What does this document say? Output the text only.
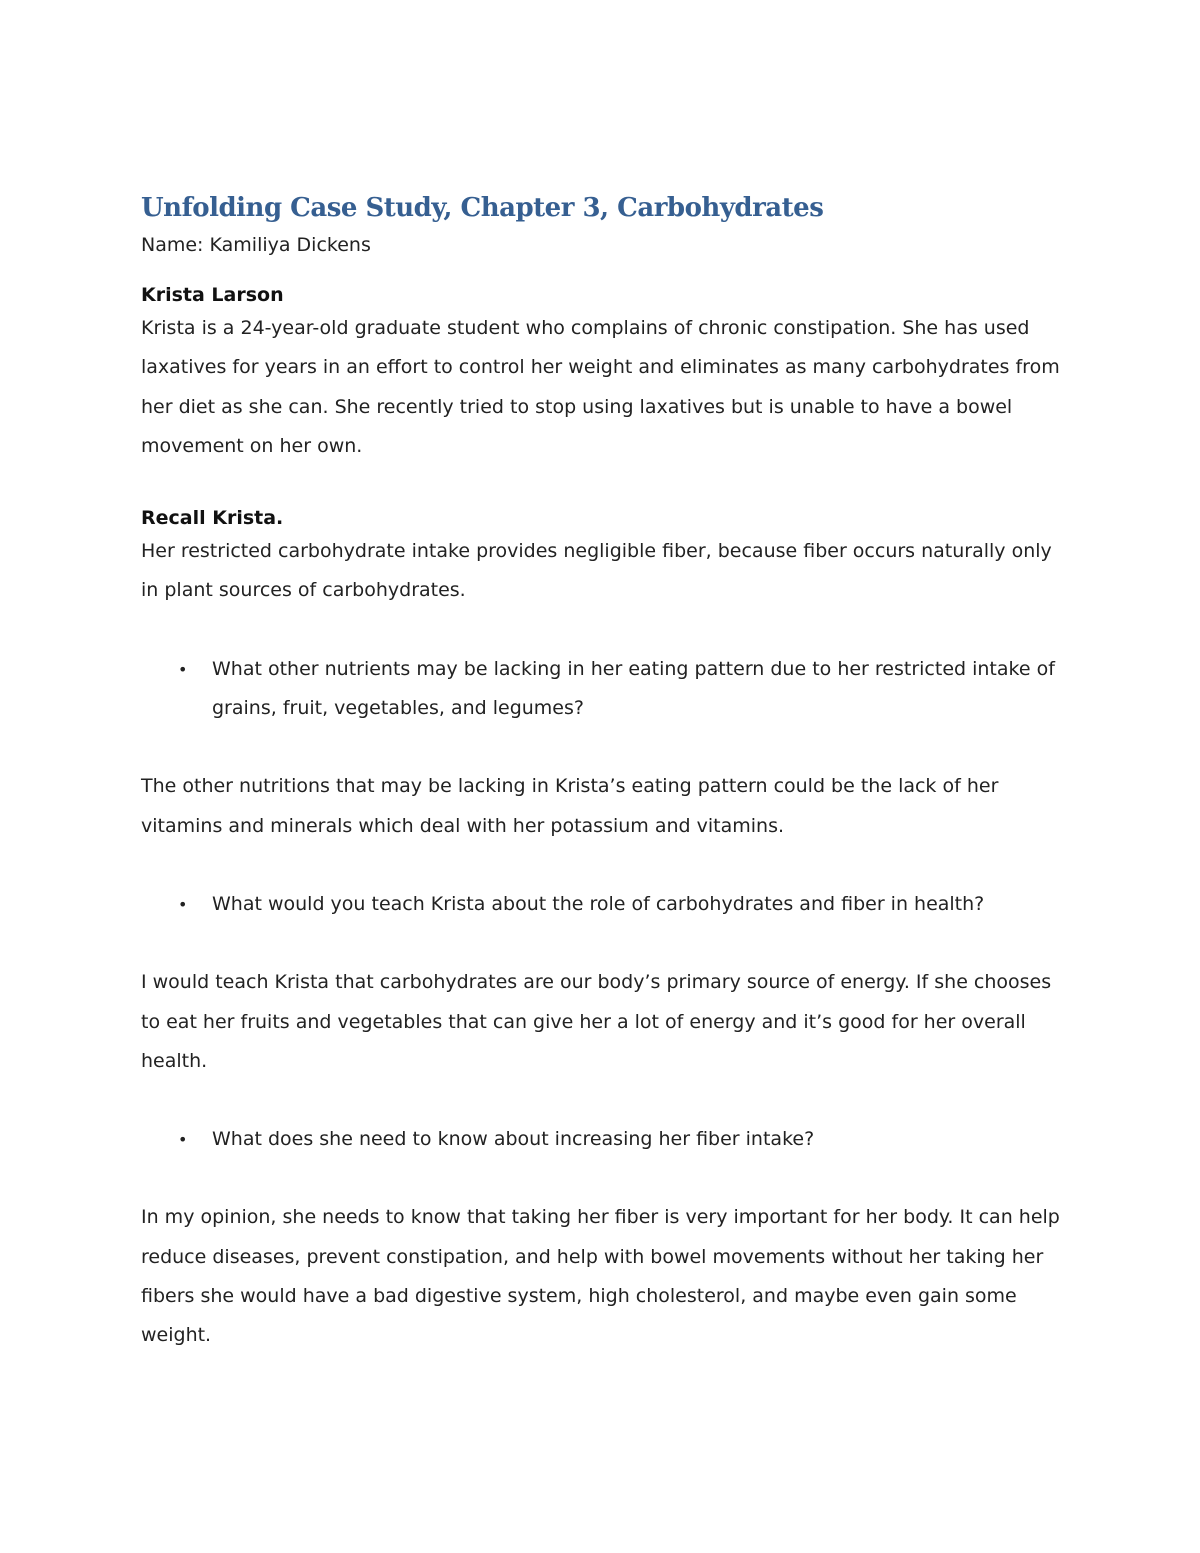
Unfolding Case Study, Chapter 3, Carbohydrates

Name: Kamiliya Dickens

Krista Larson

Krista is a 24-year-old graduate student who complains of chronic constipation. She has used laxatives for years in an effort to control her weight and eliminates as many carbohydrates from her diet as she can. She recently tried to stop using laxatives but is unable to have a bowel movement on her own.

Recall Krista.

Her restricted carbohydrate intake provides negligible fiber, because fiber occurs naturally only in plant sources of carbohydrates.

• What other nutrients may be lacking in her eating pattern due to her restricted intake of grains, fruit, vegetables, and legumes?

The other nutritions that may be lacking in Krista’s eating pattern could be the lack of her vitamins and minerals which deal with her potassium and vitamins.

• What would you teach Krista about the role of carbohydrates and fiber in health?

I would teach Krista that carbohydrates are our body’s primary source of energy. If she chooses to eat her fruits and vegetables that can give her a lot of energy and it’s good for her overall health.

• What does she need to know about increasing her fiber intake?

In my opinion, she needs to know that taking her fiber is very important for her body. It can help reduce diseases, prevent constipation, and help with bowel movements without her taking her fibers she would have a bad digestive system, high cholesterol, and maybe even gain some weight.
